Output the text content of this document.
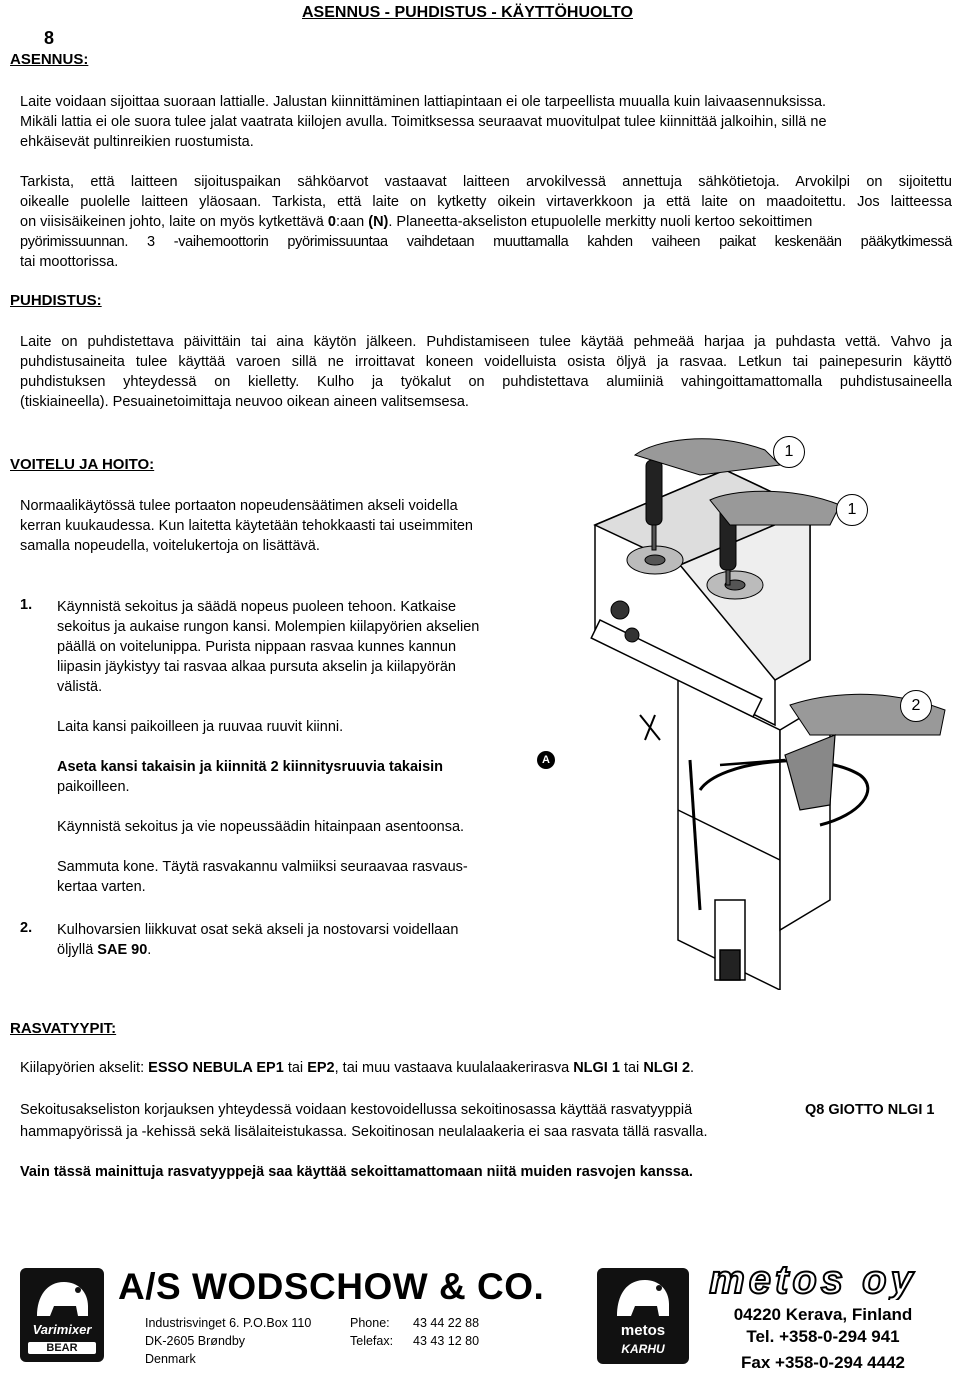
ASENNUS - PUHDISTUS - KÄYTTÖHUOLTO
8
ASENNUS:
Laite voidaan sijoittaa suoraan lattialle. Jalustan kiinnittäminen lattiapintaan ei ole tarpeellista muualla kuin laivaasennuksissa.
Mikäli lattia ei ole suora tulee jalat vaatrata kiilojen avulla. Toimitksessa seuraavat muovitulpat tulee kiinnittää jalkoihin, sillä ne
ehkäisevät pultinreikien ruostumista.
Tarkista, että laitteen sijoituspaikan sähköarvot vastaavat laitteen arvokilvessä annettuja sähkötietoja. Arvokilpi on sijoitettu
oikealle puolelle laitteen yläosaan. Tarkista, että laite on kytketty oikein virtaverkkoon ja että laite on maadoitettu. Jos laitteessa
on viisisäikeinen johto, laite on myös kytkettävä 0:aan (N). Planeetta-akseliston etupuolelle merkitty nuoli kertoo sekoittimen
pyörimissuunnan. 3 -vaihemoottorin pyörimissuuntaa vaihdetaan muuttamalla kahden vaiheen paikat keskenään pääkytkimessä
tai moottorissa.
PUHDISTUS:
Laite on puhdistettava päivittäin tai aina käytön jälkeen. Puhdistamiseen tulee käytää pehmeää harjaa ja puhdasta vettä. Vahvo ja
puhdistusaineita tulee käyttää varoen sillä ne irroittavat koneen voidelluista osista öljyä ja rasvaa. Letkun tai painepesurin käyttö
puhdistuksen yhteydessä on kielletty. Kulho ja työkalut on puhdistettava alumiiniä vahingoittamattomalla puhdistusaineella
(tiskiaineella). Pesuainetoimittaja neuvoo oikean aineen valitsemsesa.
VOITELU JA HOITO:
Normaalikäytössä tulee portaaton nopeudensäätimen akseli voidella
kerran kuukaudessa. Kun laitetta käytetään tehokkaasti tai useimmiten
samalla nopeudella, voitelukertoja on lisättävä.
1. Käynnistä sekoitus ja säädä nopeus puoleen tehoon. Katkaise
sekoitus ja aukaise rungon kansi. Molempien kiilapyörien akselien
päällä on voitelunippa. Purista nippaan rasvaa kunnes kannun
liipasin jäykistyy tai rasvaa alkaa pursuta akselin ja kiilapyörän
välistä.
Laita kansi paikoilleen ja ruuvaa ruuvit kiinni.
Aseta kansi takaisin ja kiinnitä 2 kiinnitysruuvia takaisin
paikoilleen.
Käynnistä sekoitus ja vie nopeussäädin hitainpaan asentoonsa.
Sammuta kone. Täytä rasvakannu valmiiksi seuraavaa rasvaus-
kertaa varten.
2. Kulhovarsien liikkuvat osat sekä akseli ja nostovarsi voidellaan
öljyllä SAE 90.
1
1
2
A
RASVATYYPIT:
Kiilapyörien akselit: ESSO NEBULA EP1 tai EP2, tai muu vastaava kuulalaakerirasva NLGI 1 tai NLGI 2.
Sekoitusakseliston korjauksen yhteydessä voidaan kestovoidellussa sekoitinosassa käyttää rasvatyyppiä	Q8 GIOTTO NLGI 1
hammapyörissä ja -kehissä sekä lisälaiteistukassa. Sekoitinosan neulalaakeria ei saa rasvata tällä rasvalla.
Vain tässä mainittuja rasvatyyppejä saa käyttää sekoittamattomaan niitä muiden rasvojen kanssa.
Varimixer
BEAR
A/S WODSCHOW & CO.
Industrisvinget 6. P.O.Box 110
DK-2605 Brøndby
Denmark
Phone:
Telefax:
43 44 22 88
43 43 12 80
metos
KARHU
metos oy
04220 Kerava, Finland
Tel. +358-0-294 941
Fax +358-0-294 4442
